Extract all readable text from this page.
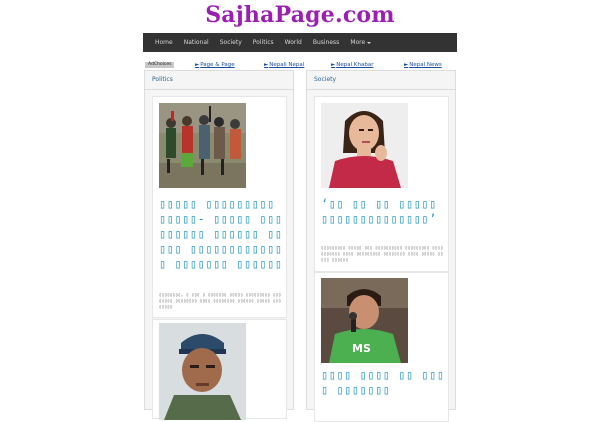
SajhaPage.com
Home National Society Politics World Business More
AdChoices	►Page & Page	►Nepali Nepal	►Nepal Khabar	►Nepal News
Politics
▯▯▯▯▯ ▯▯▯▯▯▯▯▯▯ ▯▯▯▯▯- ▯▯▯▯▯ ▯▯▯▯▯▯▯▯▯ ▯▯▯▯▯▯ ▯▯▯▯▯ ▯▯▯▯▯▯▯▯▯▯▯▯▯ ▯▯▯▯▯▯▯ ▯▯▯▯▯▯
▯▯▯▯▯▯▯▯, ▯ ▯▯▯ ▯ ▯▯▯▯▯▯▯ ▯▯▯▯▯ ▯▯▯▯▯▯▯▯▯ ▯▯▯ ▯▯▯▯▯ ▯▯▯▯▯▯▯▯ ▯▯▯▯ ▯▯▯▯▯▯▯▯ ▯▯▯▯▯▯ ▯▯▯▯▯ ▯▯▯▯▯▯▯▯
Society
‘▯▯ ▯▯ ▯▯ ▯▯▯▯▯ ▯▯▯▯▯▯▯▯▯▯▯▯▯▯’
▯▯▯▯▯▯▯▯▯ ▯▯▯▯▯ ▯▯▯ ▯▯▯▯▯▯▯▯▯▯ ▯▯▯▯▯▯▯▯▯ ▯▯▯▯ ▯▯▯▯▯▯▯ ▯▯▯▯ ▯▯▯▯▯▯▯▯▯ ▯▯▯▯▯▯▯▯ ▯▯▯▯ ▯▯▯▯▯ ▯▯▯▯▯ ▯▯▯▯▯▯
MS
▯▯▯▯ ▯▯▯▯ ▯▯ ▯▯▯▯ ▯▯▯▯▯▯▯
